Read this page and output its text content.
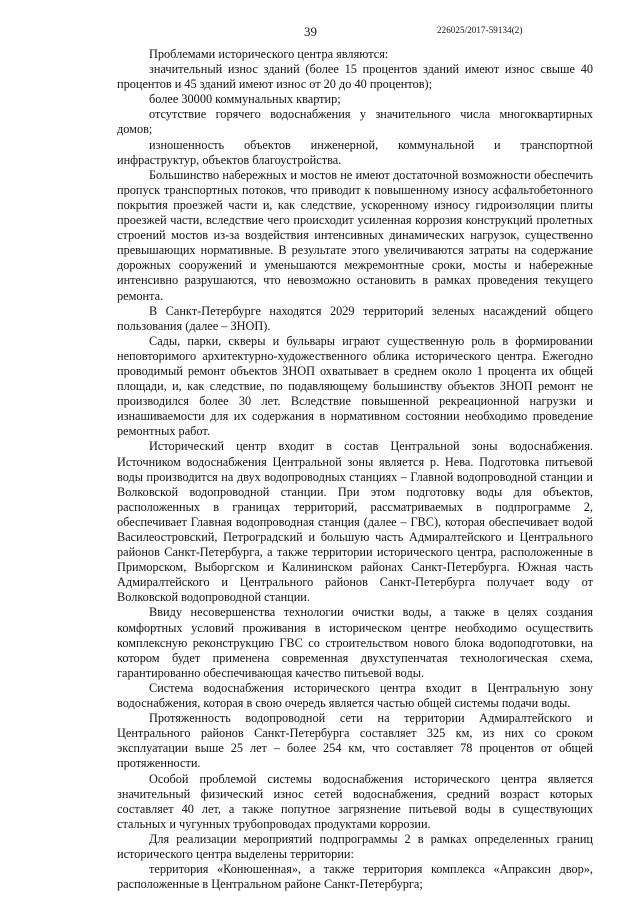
39	226025/2017-59134(2)

Проблемами исторического центра являются:

значительный износ зданий (более 15 процентов зданий имеют износ свыше 40 процентов и 45 зданий имеют износ от 20 до 40 процентов);

более 30000 коммунальных квартир;

отсутствие горячего водоснабжения у значительного числа многоквартирных домов;

изношенность объектов инженерной, коммунальной и транспортной инфраструктур, объектов благоустройства.

Большинство набережных и мостов не имеют достаточной возможности обеспечить пропуск транспортных потоков, что приводит к повышенному износу асфальтобетонного покрытия проезжей части и, как следствие, ускоренному износу гидроизоляции плиты проезжей части, вследствие чего происходит усиленная коррозия конструкций пролетных строений мостов из-за воздействия интенсивных динамических нагрузок, существенно превышающих нормативные. В результате этого увеличиваются затраты на содержание дорожных сооружений и уменьшаются межремонтные сроки, мосты и набережные интенсивно разрушаются, что невозможно остановить в рамках проведения текущего ремонта.

В Санкт-Петербурге находятся 2029 территорий зеленых насаждений общего пользования (далее – ЗНОП).

Сады, парки, скверы и бульвары играют существенную роль в формировании неповторимого архитектурно-художественного облика исторического центра. Ежегодно проводимый ремонт объектов ЗНОП охватывает в среднем около 1 процента их общей площади, и, как следствие, по подавляющему большинству объектов ЗНОП ремонт не производился более 30 лет. Вследствие повышенной рекреационной нагрузки и изнашиваемости для их содержания в нормативном состоянии необходимо проведение ремонтных работ.

Исторический центр входит в состав Центральной зоны водоснабжения. Источником водоснабжения Центральной зоны является р. Нева. Подготовка питьевой воды производится на двух водопроводных станциях – Главной водопроводной станции и Волковской водопроводной станции. При этом подготовку воды для объектов, расположенных в границах территорий, рассматриваемых в подпрограмме 2, обеспечивает Главная водопроводная станция (далее – ГВС), которая обеспечивает водой Василеостровский, Петроградский и большую часть Адмиралтейского и Центрального районов Санкт-Петербурга, а также территории исторического центра, расположенные в Приморском, Выборгском и Калининском районах Санкт-Петербурга. Южная часть Адмиралтейского и Центрального районов Санкт-Петербурга получает воду от Волковской водопроводной станции.

Ввиду несовершенства технологии очистки воды, а также в целях создания комфортных условий проживания в историческом центре необходимо осуществить комплексную реконструкцию ГВС со строительством нового блока водоподготовки, на котором будет применена современная двухступенчатая технологическая схема, гарантированно обеспечивающая качество питьевой воды.

Система водоснабжения исторического центра входит в Центральную зону водоснабжения, которая в свою очередь является частью общей системы подачи воды.

Протяженность водопроводной сети на территории Адмиралтейского и Центрального районов Санкт-Петербурга составляет 325 км, из них со сроком эксплуатации выше 25 лет – более 254 км, что составляет 78 процентов от общей протяженности.

Особой проблемой системы водоснабжения исторического центра является значительный физический износ сетей водоснабжения, средний возраст которых составляет 40 лет, а также попутное загрязнение питьевой воды в существующих стальных и чугунных трубопроводах продуктами коррозии.

Для реализации мероприятий подпрограммы 2 в рамках определенных границ исторического центра выделены территории:

территория «Конюшенная», а также территория комплекса «Апраксин двор», расположенные в Центральном районе Санкт-Петербурга;
